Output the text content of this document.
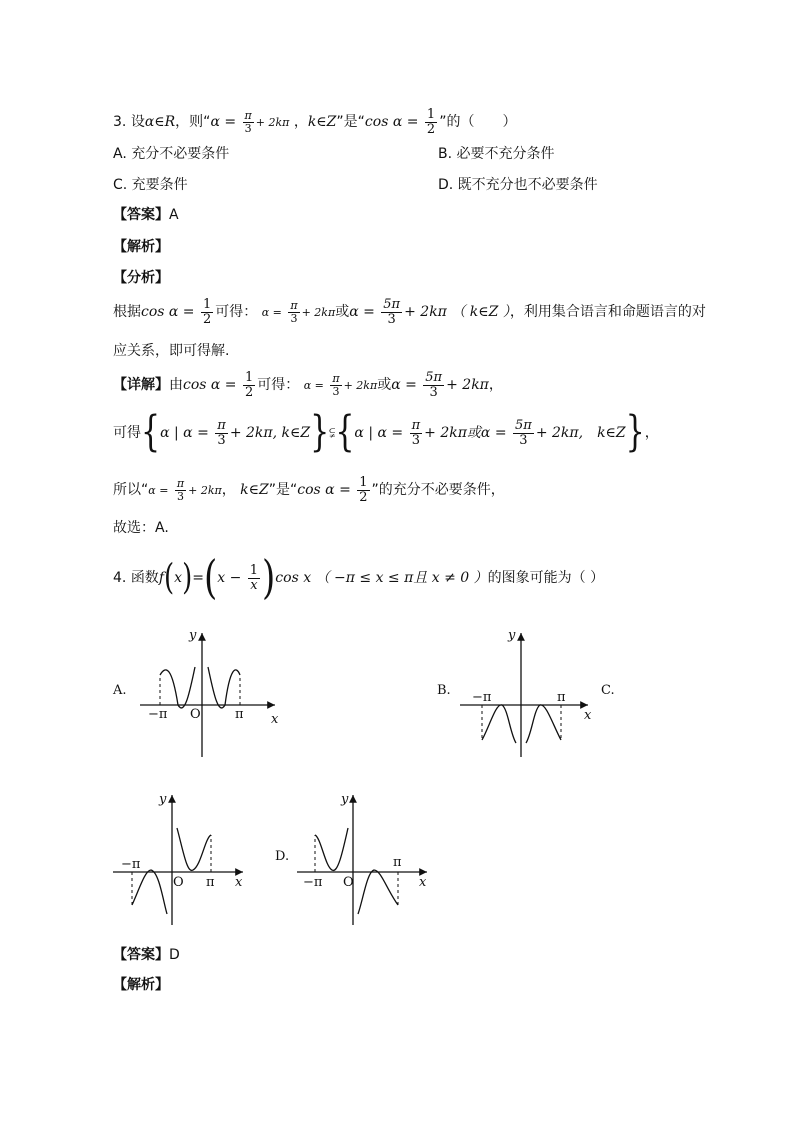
3. 设α∈R，则“$\alpha = \frac{\pi}{3} + 2k\pi$ ，k∈Z”是“cos $\alpha = \frac{1}{2}$ ”的（　　）
A. 充分不必要条件	B. 必要不充分条件
C. 充要条件	D. 既不充分也不必要条件
【答案】A
【解析】
【分析】
根据$\cos \alpha = \frac{1}{2}$ 可得： $\alpha = \frac{\pi}{3} + 2k\pi$或$\alpha = \frac{5\pi}{3} + 2k\pi$ （ k∈Z ），利用集合语言和命题语言的对
应关系，即可得解.
【详解】由$\cos \alpha = \frac{1}{2}$ 可得： $\alpha = \frac{\pi}{3} + 2k\pi$或$\alpha = \frac{5\pi}{3} + 2k\pi$，
可得{α | $\alpha = \frac{\pi}{3} + 2k\pi$, k∈Z}⫋{α | $\alpha = \frac{\pi}{3} + 2k\pi$或$\alpha = \frac{5\pi}{3} + 2k\pi$,　k∈Z}，
所以“$\alpha = \frac{\pi}{3} + 2k\pi$， k∈Z”是“cos $\alpha = \frac{1}{2}$ ”的充分不必要条件，
故选：A.
4. 函数$f(x)=(x - \frac{1}{x} )\cos$ x （ −π ≤ x ≤ π且 x ≠ 0 ）的图象可能为（ ）
A.
y
x
O
−π	π
B.
y
x
−π	π	C.
y
x
O
−π
π
D.
y
x
O
−π
π
【答案】D
【解析】
